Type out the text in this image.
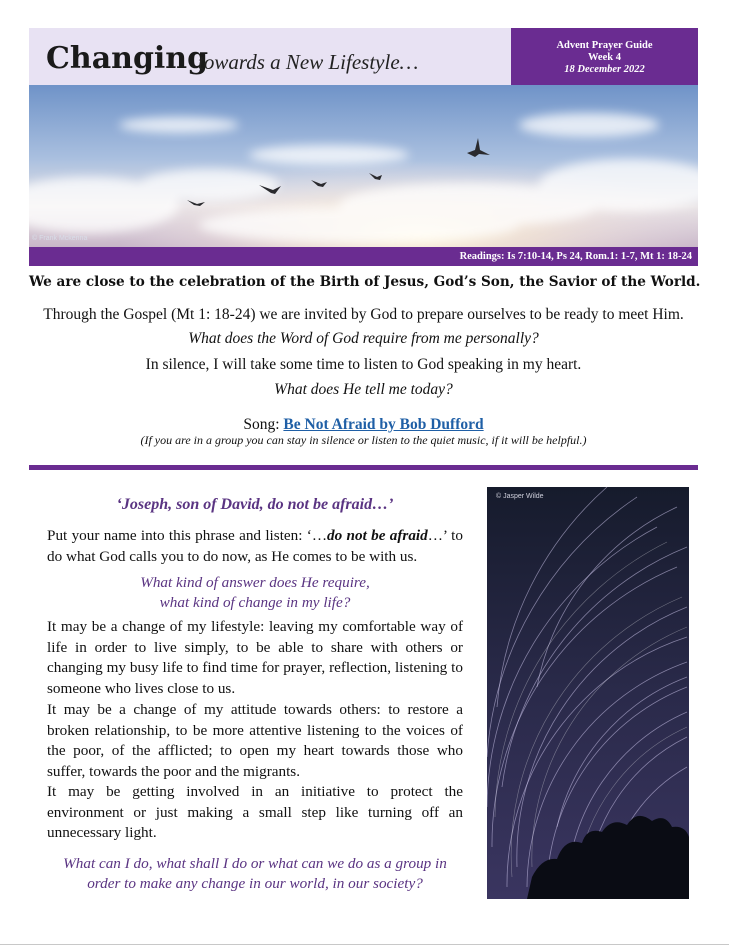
Changing
towards a New Lifestyle…
Advent Prayer Guide
Week 4
18 December 2022
© Frank Mckenna
Readings: Is 7:10-14, Ps 24, Rom.1: 1-7, Mt 1: 18-24
We are close to the celebration of the Birth of Jesus, God’s Son, the Savior of the World.
Through the Gospel (Mt 1: 18-24) we are invited by God to prepare ourselves to be ready to meet Him.
What does the Word of God require from me personally?
In silence, I will take some time to listen to God speaking in my heart.
What does He tell me today?
Song: Be Not Afraid by Bob Dufford
(If you are in a group you can stay in silence or listen to the quiet music, if it will be helpful.)
‘Joseph, son of David, do not be afraid…’
Put your name into this phrase and listen: ‘…do not be afraid…’ to do what God calls you to do now, as He comes to be with us.
What kind of answer does He require,
what kind of change in my life?
It may be a change of my lifestyle: leaving my comfortable way of life in order to live simply, to be able to share with others or changing my busy life to find time for prayer, reflection, listening to someone who lives close to us.
It may be a change of my attitude towards others: to restore a broken relationship, to be more attentive listening to the voices of the poor, of the afflicted; to open my heart towards those who suffer, towards the poor and the migrants.
It may be getting involved in an initiative to protect the environment or just making a small step like turning off an unnecessary light.
What can I do, what shall I do or what can we do as a group in
order to make any change in our world, in our society?
© Jasper Wilde
